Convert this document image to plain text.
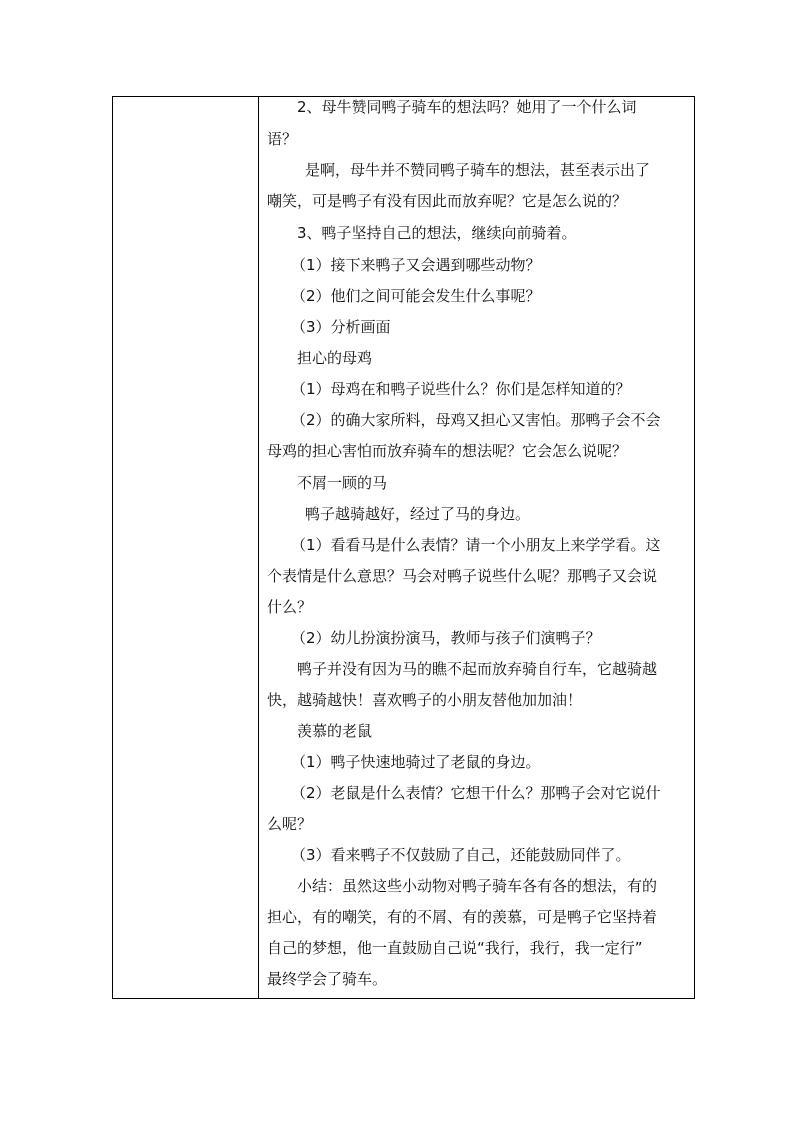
2、母牛赞同鸭子骑车的想法吗？她用了一个什么词

语？

是啊，母牛并不赞同鸭子骑车的想法，甚至表示出了

嘲笑，可是鸭子有没有因此而放弃呢？它是怎么说的？

3、鸭子坚持自己的想法，继续向前骑着。

（1）接下来鸭子又会遇到哪些动物？

（2）他们之间可能会发生什么事呢？

（3）分析画面

担心的母鸡

（1）母鸡在和鸭子说些什么？你们是怎样知道的？

（2）的确大家所料，母鸡又担心又害怕。那鸭子会不会

母鸡的担心害怕而放弃骑车的想法呢？它会怎么说呢？

不屑一顾的马

鸭子越骑越好，经过了马的身边。

（1）看看马是什么表情？请一个小朋友上来学学看。这

个表情是什么意思？马会对鸭子说些什么呢？那鸭子又会说

什么？

（2）幼儿扮演扮演马，教师与孩子们演鸭子？

鸭子并没有因为马的瞧不起而放弃骑自行车，它越骑越

快，越骑越快！喜欢鸭子的小朋友替他加加油！

羡慕的老鼠

（1）鸭子快速地骑过了老鼠的身边。

（2）老鼠是什么表情？它想干什么？那鸭子会对它说什

么呢？

（3）看来鸭子不仅鼓励了自己，还能鼓励同伴了。

小结：虽然这些小动物对鸭子骑车各有各的想法，有的

担心，有的嘲笑，有的不屑、有的羡慕，可是鸭子它坚持着

自己的梦想，他一直鼓励自己说“我行，我行，我一定行”

最终学会了骑车。
